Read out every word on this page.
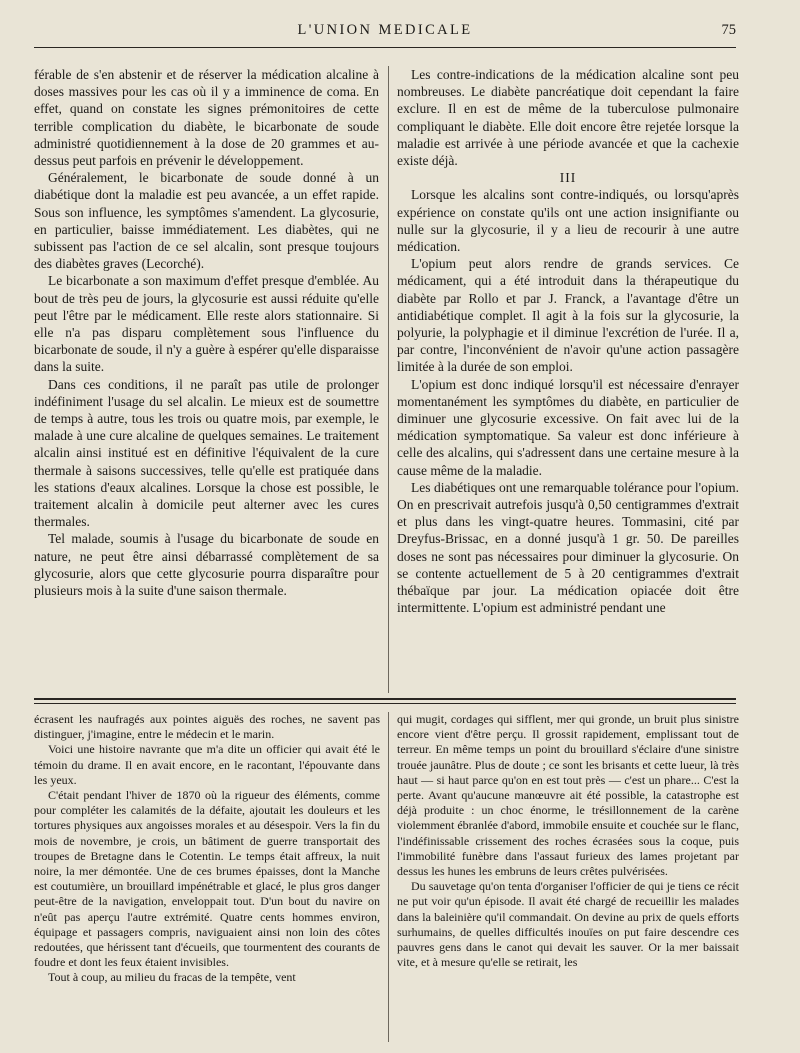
L'UNION MEDICALE	75

férable de s'en abstenir et de réserver la médication alcaline à doses massives pour les cas où il y a imminence de coma. En effet, quand on constate les signes prémonitoires de cette terrible complication du diabète, le bicarbonate de soude administré quotidiennement à la dose de 20 grammes et au-dessus peut parfois en prévenir le développement.

Généralement, le bicarbonate de soude donné à un diabétique dont la maladie est peu avancée, a un effet rapide. Sous son influence, les symptômes s'amendent. La glycosurie, en particulier, baisse immédiatement. Les diabètes, qui ne subissent pas l'action de ce sel alcalin, sont presque toujours des diabètes graves (Lecorché).

Le bicarbonate a son maximum d'effet presque d'emblée. Au bout de très peu de jours, la glycosurie est aussi réduite qu'elle peut l'être par le médicament. Elle reste alors stationnaire. Si elle n'a pas disparu complètement sous l'influence du bicarbonate de soude, il n'y a guère à espérer qu'elle disparaisse dans la suite.

Dans ces conditions, il ne paraît pas utile de prolonger indéfiniment l'usage du sel alcalin. Le mieux est de soumettre de temps à autre, tous les trois ou quatre mois, par exemple, le malade à une cure alcaline de quelques semaines. Le traitement alcalin ainsi institué est en définitive l'équivalent de la cure thermale à saisons successives, telle qu'elle est pratiquée dans les stations d'eaux alcalines. Lorsque la chose est possible, le traitement alcalin à domicile peut alterner avec les cures thermales.

Tel malade, soumis à l'usage du bicarbonate de soude en nature, ne peut être ainsi débarrassé complètement de sa glycosurie, alors que cette glycosurie pourra disparaître pour plusieurs mois à la suite d'une saison thermale.

Les contre-indications de la médication alcaline sont peu nombreuses. Le diabète pancréatique doit cependant la faire exclure. Il en est de même de la tuberculose pulmonaire compliquant le diabète. Elle doit encore être rejetée lorsque la maladie est arrivée à une période avancée et que la cachexie existe déjà.

III

Lorsque les alcalins sont contre-indiqués, ou lorsqu'après expérience on constate qu'ils ont une action insignifiante ou nulle sur la glycosurie, il y a lieu de recourir à une autre médication.

L'opium peut alors rendre de grands services. Ce médicament, qui a été introduit dans la thérapeutique du diabète par Rollo et par J. Franck, a l'avantage d'être un antidiabétique complet. Il agit à la fois sur la glycosurie, la polyurie, la polyphagie et il diminue l'excrétion de l'urée. Il a, par contre, l'inconvénient de n'avoir qu'une action passagère limitée à la durée de son emploi.

L'opium est donc indiqué lorsqu'il est nécessaire d'enrayer momentanément les symptômes du diabète, en particulier de diminuer une glycosurie excessive. On fait avec lui de la médication symptomatique. Sa valeur est donc inférieure à celle des alcalins, qui s'adressent dans une certaine mesure à la cause même de la maladie.

Les diabétiques ont une remarquable tolérance pour l'opium. On en prescrivait autrefois jusqu'à 0,50 centigrammes d'extrait et plus dans les vingt-quatre heures. Tommasini, cité par Dreyfus-Brissac, en a donné jusqu'à 1 gr. 50. De pareilles doses ne sont pas nécessaires pour diminuer la glycosurie. On se contente actuellement de 5 à 20 centigrammes d'extrait thébaïque par jour. La médication opiacée doit être intermittente. L'opium est administré pendant une

écrasent les naufragés aux pointes aiguës des roches, ne savent pas distinguer, j'imagine, entre le médecin et le marin.

Voici une histoire navrante que m'a dite un officier qui avait été le témoin du drame. Il en avait encore, en le racontant, l'épouvante dans les yeux.

C'était pendant l'hiver de 1870 où la rigueur des éléments, comme pour compléter les calamités de la défaite, ajoutait les douleurs et les tortures physiques aux angoisses morales et au désespoir. Vers la fin du mois de novembre, je crois, un bâtiment de guerre transportait des troupes de Bretagne dans le Cotentin. Le temps était affreux, la nuit noire, la mer démontée. Une de ces brumes épaisses, dont la Manche est coutumière, un brouillard impénétrable et glacé, le plus gros danger peut-être de la navigation, enveloppait tout. D'un bout du navire on n'eût pas aperçu l'autre extrémité. Quatre cents hommes environ, équipage et passagers compris, naviguaient ainsi non loin des côtes redoutées, que hérissent tant d'écueils, que tourmentent des courants de foudre et dont les feux étaient invisibles.

Tout à coup, au milieu du fracas de la tempête, vent

qui mugit, cordages qui sifflent, mer qui gronde, un bruit plus sinistre encore vient d'être perçu. Il grossit rapidement, emplissant tout de terreur. En même temps un point du brouillard s'éclaire d'une sinistre trouée jaunâtre. Plus de doute ; ce sont les brisants et cette lueur, là très haut — si haut parce qu'on en est tout près — c'est un phare... C'est la perte. Avant qu'aucune manœuvre ait été possible, la catastrophe est déjà produite : un choc énorme, le trésillonnement de la carène violemment ébranlée d'abord, immobile ensuite et couchée sur le flanc, l'indéfinissable crissement des roches écrasées sous la coque, puis l'immobilité funèbre dans l'assaut furieux des lames projetant par dessus les hunes les embruns de leurs crêtes pulvérisées.

Du sauvetage qu'on tenta d'organiser l'officier de qui je tiens ce récit ne put voir qu'un épisode. Il avait été chargé de recueillir les malades dans la baleinière qu'il commandait. On devine au prix de quels efforts surhumains, de quelles difficultés inouïes on put faire descendre ces pauvres gens dans le canot qui devait les sauver. Or la mer baissait vite, et à mesure qu'elle se retirait, les
